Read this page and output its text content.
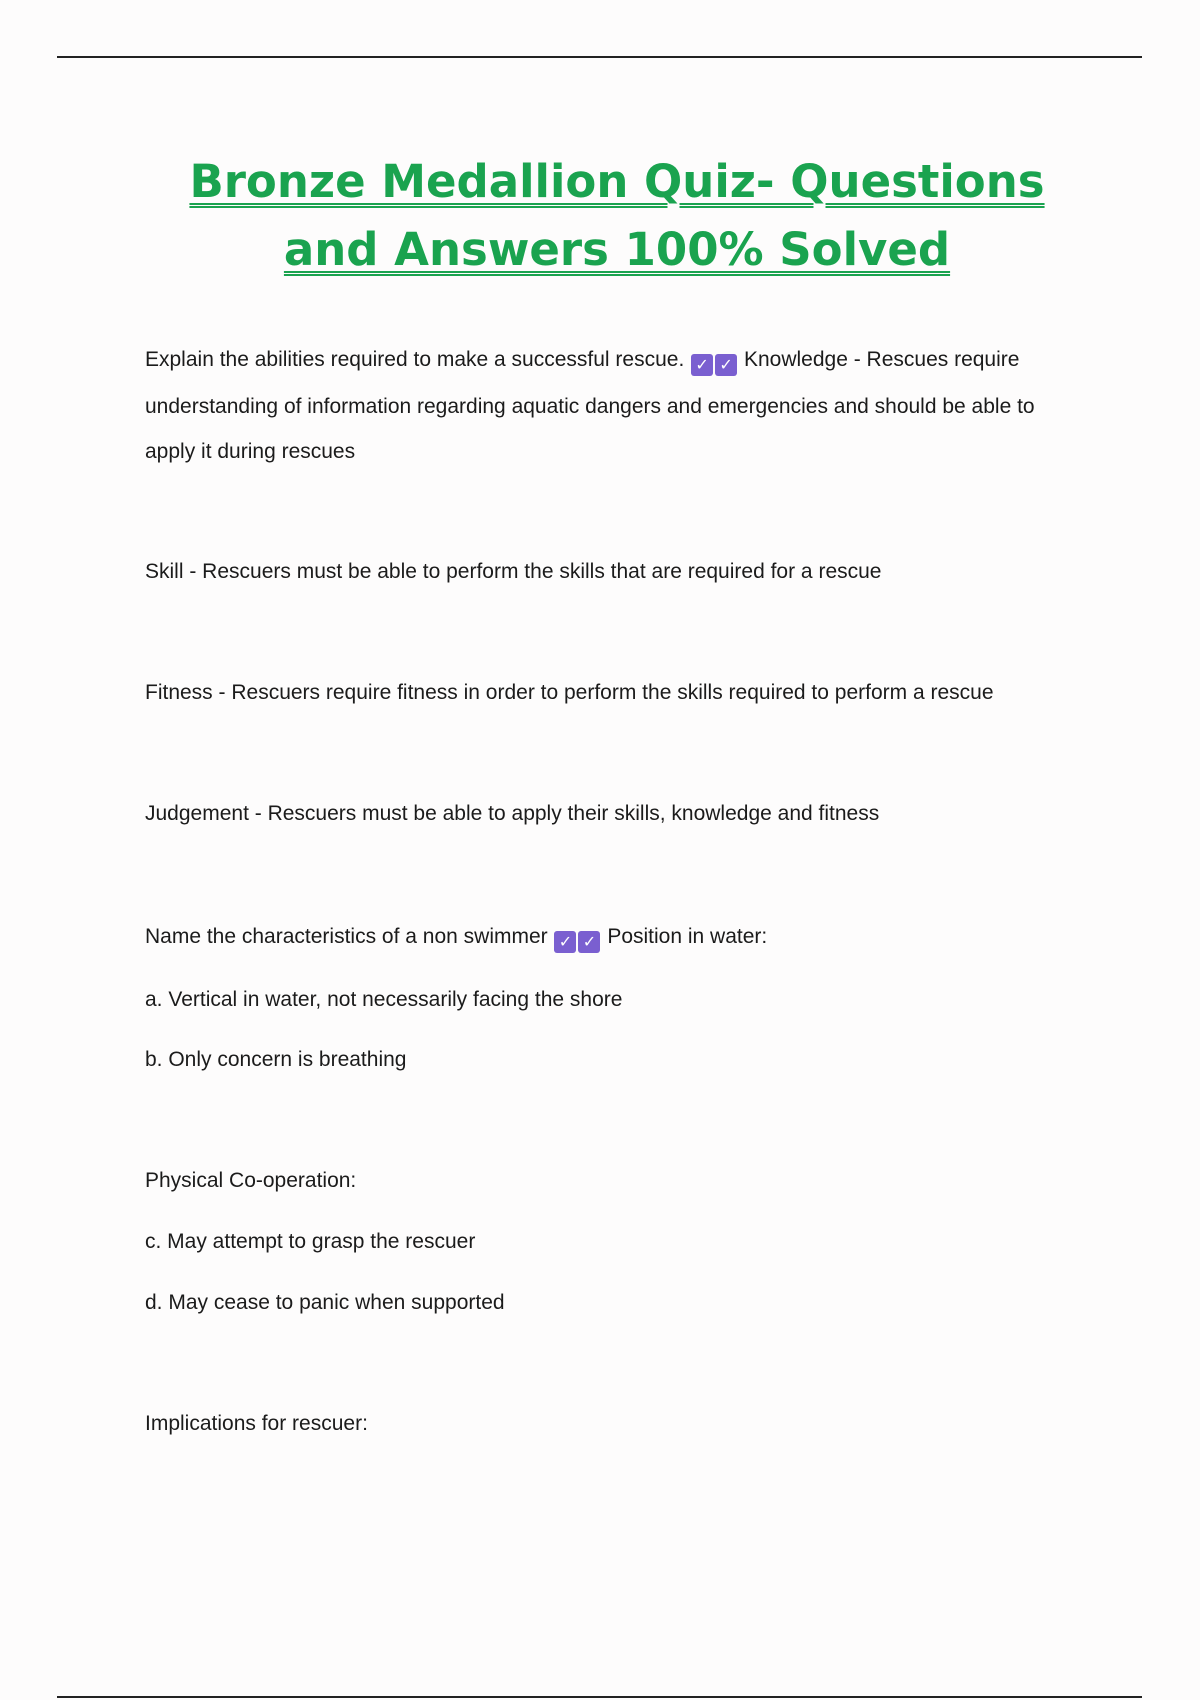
Bronze Medallion Quiz- Questions
and Answers 100% Solved
Explain the abilities required to make a successful rescue. ✓ ✓ Knowledge - Rescues require
understanding of information regarding aquatic dangers and emergencies and should be able to
apply it during rescues
Skill - Rescuers must be able to perform the skills that are required for a rescue
Fitness - Rescuers require fitness in order to perform the skills required to perform a rescue
Judgement - Rescuers must be able to apply their skills, knowledge and fitness
Name the characteristics of a non swimmer ✓ ✓ Position in water:
a. Vertical in water, not necessarily facing the shore
b. Only concern is breathing
Physical Co-operation:
c. May attempt to grasp the rescuer
d. May cease to panic when supported
Implications for rescuer:
